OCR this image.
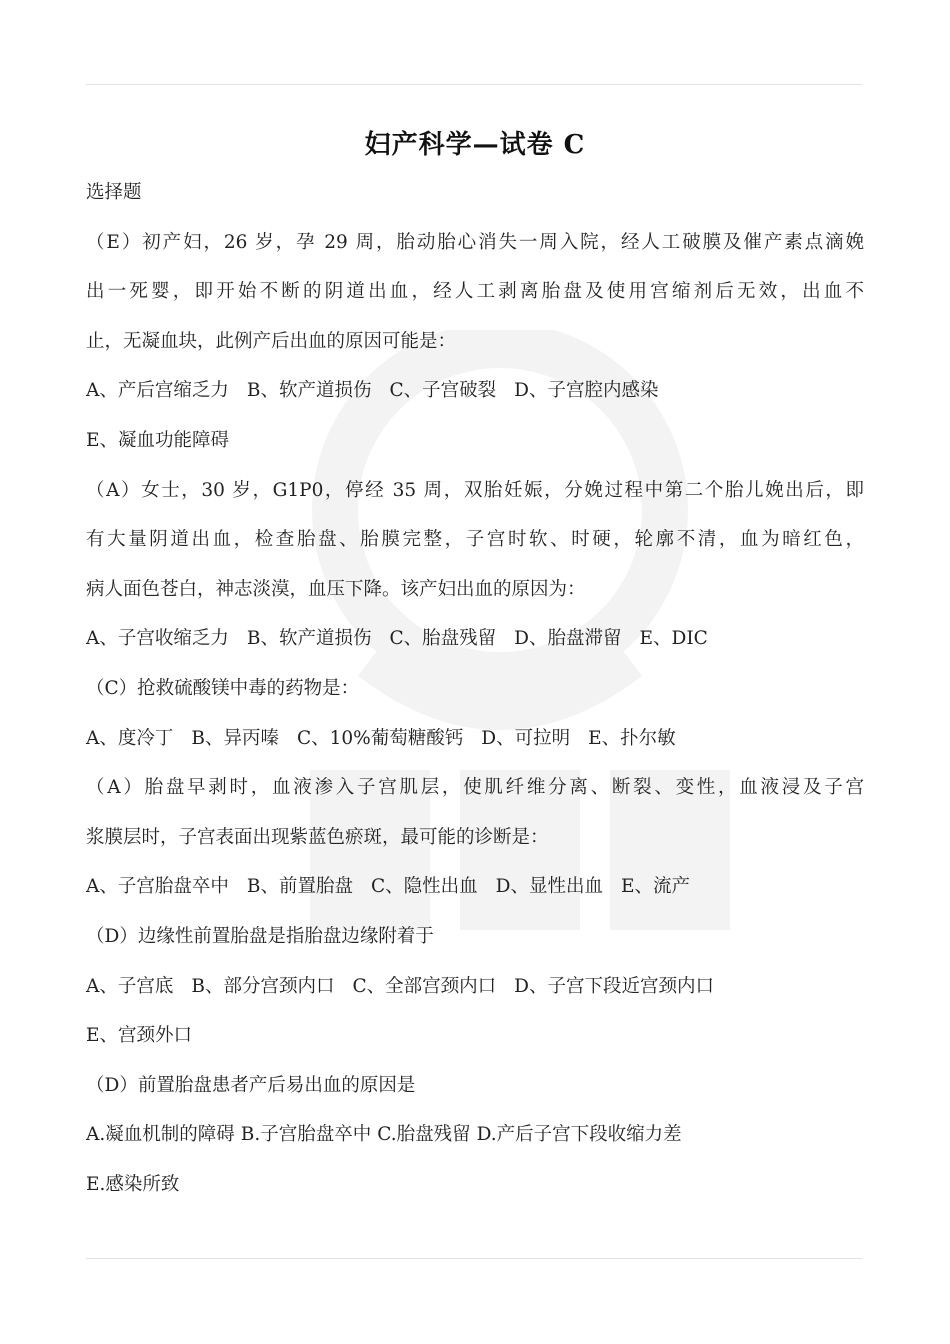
妇产科学—试卷 C
选择题
（E）初产妇，26 岁，孕 29 周，胎动胎心消失一周入院，经人工破膜及催产素点滴娩
出一死婴，即开始不断的阴道出血，经人工剥离胎盘及使用宫缩剂后无效，出血不
止，无凝血块，此例产后出血的原因可能是：
A、产后宫缩乏力 B、软产道损伤 C、子宫破裂 D、子宫腔内感染
E、凝血功能障碍
（A）女士，30 岁，G1P0，停经 35 周，双胎妊娠，分娩过程中第二个胎儿娩出后，即
有大量阴道出血，检查胎盘、胎膜完整，子宫时软、时硬，轮廓不清，血为暗红色，
病人面色苍白，神志淡漠，血压下降。该产妇出血的原因为：
A、子宫收缩乏力 B、软产道损伤 C、胎盘残留 D、胎盘滞留 E、DIC
（C）抢救硫酸镁中毒的药物是：
A、度冷丁 B、异丙嗪 C、10%葡萄糖酸钙 D、可拉明 E、扑尔敏
（A）胎盘早剥时，血液渗入子宫肌层，使肌纤维分离、断裂、变性，血液浸及子宫
浆膜层时，子宫表面出现紫蓝色瘀斑，最可能的诊断是：
A、子宫胎盘卒中 B、前置胎盘 C、隐性出血 D、显性出血 E、流产
（D）边缘性前置胎盘是指胎盘边缘附着于
A、子宫底 B、部分宫颈内口 C、全部宫颈内口 D、子宫下段近宫颈内口
E、宫颈外口
（D）前置胎盘患者产后易出血的原因是
A.凝血机制的障碍 B.子宫胎盘卒中 C.胎盘残留 D.产后子宫下段收缩力差
E.感染所致
